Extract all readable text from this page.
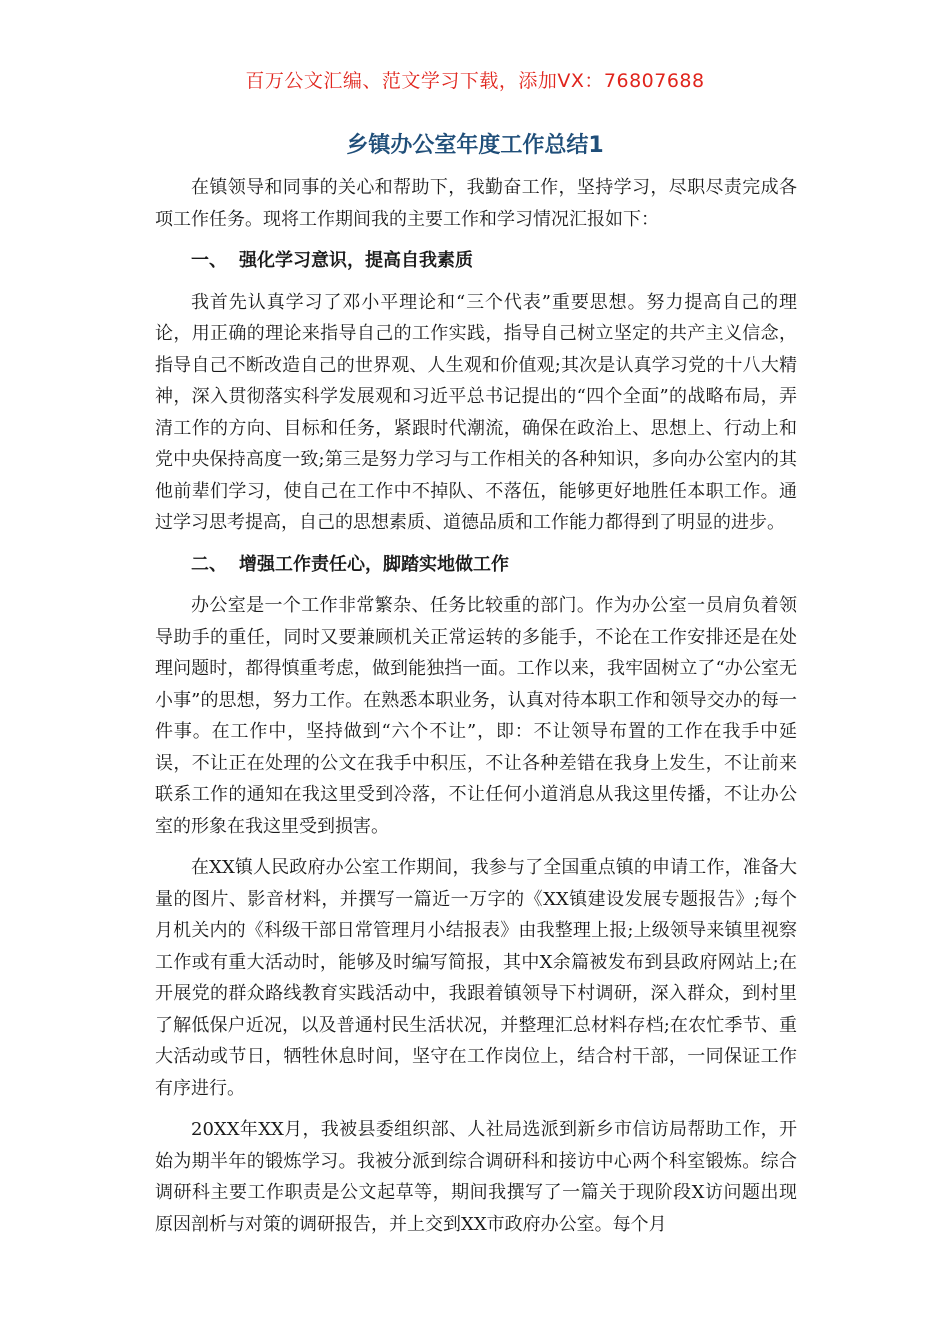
百万公文汇编、范文学习下载，添加VX：76807688
乡镇办公室年度工作总结1

在镇领导和同事的关心和帮助下，我勤奋工作，坚持学习，尽职尽责完成各项工作任务。现将工作期间我的主要工作和学习情况汇报如下：

一、 强化学习意识，提高自我素质

我首先认真学习了邓小平理论和“三个代表”重要思想。努力提高自己的理论，用正确的理论来指导自己的工作实践，指导自己树立坚定的共产主义信念，指导自己不断改造自己的世界观、人生观和价值观;其次是认真学习党的十八大精神，深入贯彻落实科学发展观和习近平总书记提出的“四个全面”的战略布局，弄清工作的方向、目标和任务，紧跟时代潮流，确保在政治上、思想上、行动上和党中央保持高度一致;第三是努力学习与工作相关的各种知识，多向办公室内的其他前辈们学习，使自己在工作中不掉队、不落伍，能够更好地胜任本职工作。通过学习思考提高，自己的思想素质、道德品质和工作能力都得到了明显的进步。

二、 增强工作责任心，脚踏实地做工作

办公室是一个工作非常繁杂、任务比较重的部门。作为办公室一员肩负着领导助手的重任，同时又要兼顾机关正常运转的多能手，不论在工作安排还是在处理问题时，都得慎重考虑，做到能独挡一面。工作以来，我牢固树立了“办公室无小事”的思想，努力工作。在熟悉本职业务，认真对待本职工作和领导交办的每一件事。在工作中，坚持做到“六个不让”，即：不让领导布置的工作在我手中延误，不让正在处理的公文在我手中积压，不让各种差错在我身上发生，不让前来联系工作的通知在我这里受到冷落，不让任何小道消息从我这里传播，不让办公室的形象在我这里受到损害。

在XX镇人民政府办公室工作期间，我参与了全国重点镇的申请工作，准备大量的图片、影音材料，并撰写一篇近一万字的《XX镇建设发展专题报告》;每个月机关内的《科级干部日常管理月小结报表》由我整理上报;上级领导来镇里视察工作或有重大活动时，能够及时编写简报，其中X余篇被发布到县政府网站上;在开展党的群众路线教育实践活动中，我跟着镇领导下村调研，深入群众，到村里了解低保户近况，以及普通村民生活状况，并整理汇总材料存档;在农忙季节、重大活动或节日，牺牲休息时间，坚守在工作岗位上，结合村干部，一同保证工作有序进行。

20XX年XX月，我被县委组织部、人社局选派到新乡市信访局帮助工作，开始为期半年的锻炼学习。我被分派到综合调研科和接访中心两个科室锻炼。综合调研科主要工作职责是公文起草等，期间我撰写了一篇关于现阶段X访问题出现原因剖析与对策的调研报告，并上交到XX市政府办公室。每个月
